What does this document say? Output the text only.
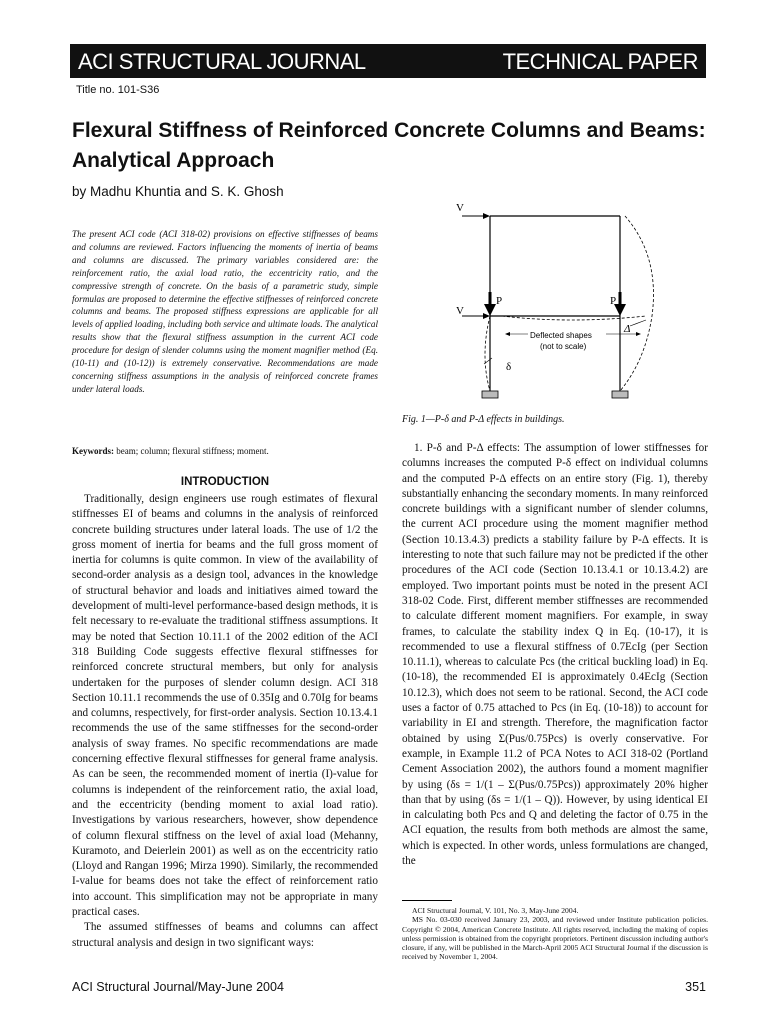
ACI STRUCTURAL JOURNAL	TECHNICAL PAPER
Title no. 101-S36
Flexural Stiffness of Reinforced Concrete Columns and Beams: Analytical Approach
by Madhu Khuntia and S. K. Ghosh
The present ACI code (ACI 318-02) provisions on effective stiffnesses of beams and columns are reviewed. Factors influencing the moments of inertia of beams and columns are discussed. The primary variables considered are: the reinforcement ratio, the axial load ratio, the eccentricity ratio, and the compressive strength of concrete. On the basis of a parametric study, simple formulas are proposed to determine the effective stiffnesses of reinforced concrete columns and beams. The proposed stiffness expressions are applicable for all levels of applied loading, including both service and ultimate loads. The analytical results show that the flexural stiffness assumption in the current ACI code procedure for design of slender columns using the moment magnifier method (Eq. (10-11) and (10-12)) is extremely conservative. Recommendations are made concerning stiffness assumptions in the analysis of reinforced concrete frames under lateral loads.
Keywords: beam; column; flexural stiffness; moment.
INTRODUCTION

Traditionally, design engineers use rough estimates of flexural stiffnesses EI of beams and columns in the analysis of reinforced concrete building structures under lateral loads. The use of 1/2 the gross moment of inertia for beams and the full gross moment of inertia for columns is quite common. In view of the availability of second-order analysis as a design tool, advances in the knowledge of structural behavior and loads and initiatives aimed toward the development of multi-level performance-based design methods, it is felt necessary to re-evaluate the traditional stiffness assumptions. It may be noted that Section 10.11.1 of the 2002 edition of the ACI 318 Building Code suggests effective flexural stiffnesses for reinforced concrete structural members, but only for analysis undertaken for the purposes of slender column design. ACI 318 Section 10.11.1 recommends the use of 0.35Ig and 0.70Ig for beams and columns, respectively, for first-order analysis. Section 10.13.4.1 recommends the use of the same stiffnesses for the second-order analysis of sway frames. No specific recommendations are made concerning effective flexural stiffnesses for general frame analysis. As can be seen, the recommended moment of inertia (I)-value for columns is independent of the reinforcement ratio, the axial load, and the eccentricity (bending moment to axial load ratio). Investigations by various researchers, however, show dependence of column flexural stiffness on the level of axial load (Mehanny, Kuramoto, and Deierlein 2001) as well as on the eccentricity ratio (Lloyd and Rangan 1996; Mirza 1990). Similarly, the recommended I-value for beams does not take the effect of reinforcement ratio into account. This simplification may not be appropriate in many practical cases.

The assumed stiffnesses of beams and columns can affect structural analysis and design in two significant ways:

V
V
P	P
δ
Δ
Deflected shapes
(not to scale)
Fig. 1—P-δ and P-Δ effects in buildings.

1. P-δ and P-Δ effects: The assumption of lower stiffnesses for columns increases the computed P-δ effect on individual columns and the computed P-Δ effects on an entire story (Fig. 1), thereby substantially enhancing the secondary moments. In many reinforced concrete buildings with a significant number of slender columns, the current ACI procedure using the moment magnifier method (Section 10.13.4.3) predicts a stability failure by P-Δ effects. It is interesting to note that such failure may not be predicted if the other procedures of the ACI code (Section 10.13.4.1 or 10.13.4.2) are employed. Two important points must be noted in the present ACI 318-02 Code. First, different member stiffnesses are recommended to calculate different moment magnifiers. For example, in sway frames, to calculate the stability index Q in Eq. (10-17), it is recommended to use a flexural stiffness of 0.7EcIg (per Section 10.11.1), whereas to calculate Pcs (the critical buckling load) in Eq. (10-18), the recommended EI is approximately 0.4EcIg (Section 10.12.3), which does not seem to be rational. Second, the ACI code uses a factor of 0.75 attached to Pcs (in Eq. (10-18)) to account for variability in EI and strength. Therefore, the magnification factor obtained by using Σ(Pus/0.75Pcs) is overly conservative. For example, in Example 11.2 of PCA Notes to ACI 318-02 (Portland Cement Association 2002), the authors found a moment magnifier by using (δs = 1/(1 – Σ(Pus/0.75Pcs)) approximately 20% higher than that by using (δs = 1/(1 – Q)). However, by using identical EI in calculating both Pcs and Q and deleting the factor of 0.75 in the ACI equation, the results from both methods are almost the same, which is expected. In other words, unless formulations are changed, the

ACI Structural Journal, V. 101, No. 3, May-June 2004.

MS No. 03-030 received January 23, 2003, and reviewed under Institute publication policies. Copyright © 2004, American Concrete Institute. All rights reserved, including the making of copies unless permission is obtained from the copyright proprietors. Pertinent discussion including author's closure, if any, will be published in the March-April 2005 ACI Structural Journal if the discussion is received by November 1, 2004.

ACI Structural Journal/May-June 2004	351
